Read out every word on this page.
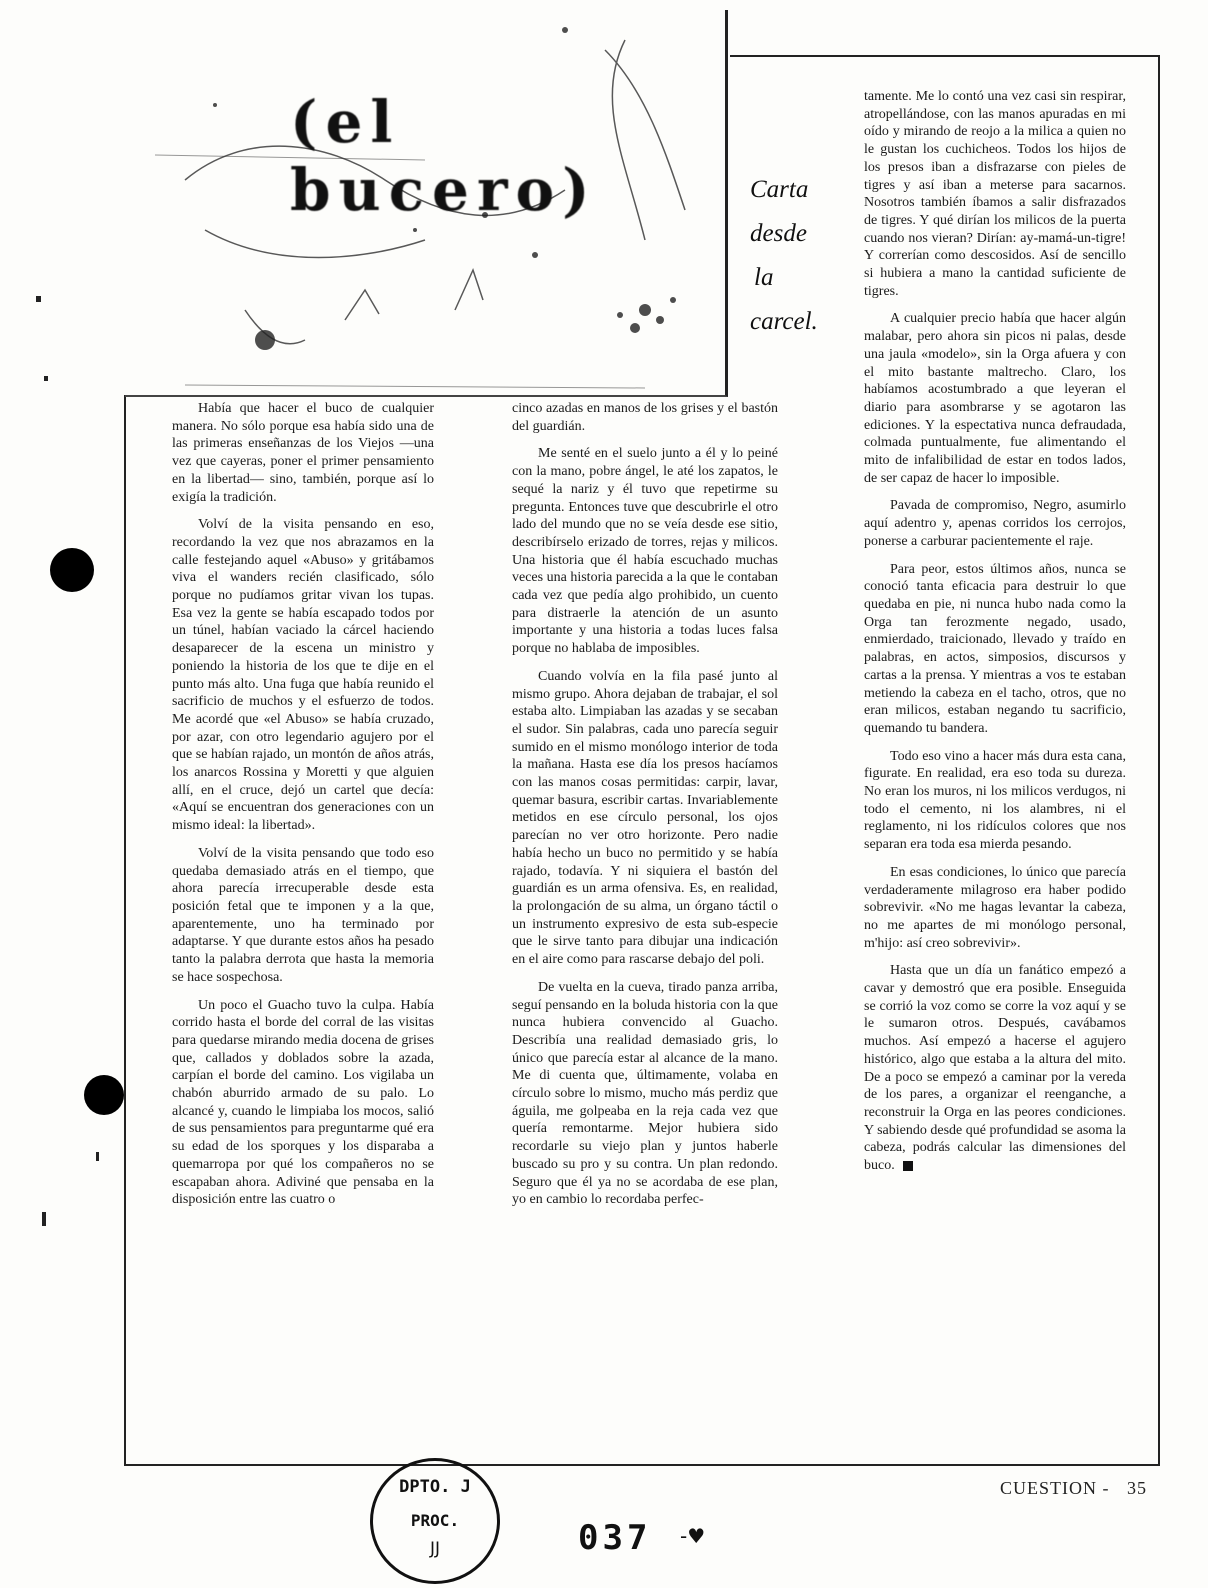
(el bucero)	Carta
desde
la
carcel.

Había que hacer el buco de cualquier manera. No sólo porque esa había sido una de las primeras enseñanzas de los Viejos —una vez que cayeras, poner el primer pensamiento en la libertad— sino, también, porque así lo exigía la tradición.

Volví de la visita pensando en eso, recordando la vez que nos abrazamos en la calle festejando aquel «Abuso» y gritábamos viva el wanders recién clasificado, sólo porque no pudíamos gritar vivan los tupas. Esa vez la gente se había escapado todos por un túnel, habían vaciado la cárcel haciendo desaparecer de la escena un ministro y poniendo la historia de los que te dije en el punto más alto. Una fuga que había reunido el sacrificio de muchos y el esfuerzo de todos. Me acordé que «el Abuso» se había cruzado, por azar, con otro legendario agujero por el que se habían rajado, un montón de años atrás, los anarcos Rossina y Moretti y que alguien allí, en el cruce, dejó un cartel que decía: «Aquí se encuentran dos generaciones con un mismo ideal: la libertad».

Volví de la visita pensando que todo eso quedaba demasiado atrás en el tiempo, que ahora parecía irrecuperable desde esta posición fetal que te imponen y a la que, aparentemente, uno ha terminado por adaptarse. Y que durante estos años ha pesado tanto la palabra derrota que hasta la memoria se hace sospechosa.

Un poco el Guacho tuvo la culpa. Había corrido hasta el borde del corral de las visitas para quedarse mirando media docena de grises que, callados y doblados sobre la azada, carpían el borde del camino. Los vigilaba un chabón aburrido armado de su palo. Lo alcancé y, cuando le limpiaba los mocos, salió de sus pensamientos para preguntarme qué era su edad de los sporques y los disparaba a quemarropa por qué los compañeros no se escapaban ahora. Adiviné que pensaba en la disposición entre las cuatro o

cinco azadas en manos de los grises y el bastón del guardián.

Me senté en el suelo junto a él y lo peiné con la mano, pobre ángel, le até los zapatos, le sequé la nariz y él tuvo que repetirme su pregunta. Entonces tuve que descubrirle el otro lado del mundo que no se veía desde ese sitio, describírselo erizado de torres, rejas y milicos. Una historia que él había escuchado muchas veces una historia parecida a la que le contaban cada vez que pedía algo prohibido, un cuento para distraerle la atención de un asunto importante y una historia a todas luces falsa porque no hablaba de imposibles.

Cuando volvía en la fila pasé junto al mismo grupo. Ahora dejaban de trabajar, el sol estaba alto. Limpiaban las azadas y se secaban el sudor. Sin palabras, cada uno parecía seguir sumido en el mismo monólogo interior de toda la mañana. Hasta ese día los presos hacíamos con las manos cosas permitidas: carpir, lavar, quemar basura, escribir cartas. Invariablemente metidos en ese círculo personal, los ojos parecían no ver otro horizonte. Pero nadie había hecho un buco no permitido y se había rajado, todavía. Y ni siquiera el bastón del guardián es un arma ofensiva. Es, en realidad, la prolongación de su alma, un órgano táctil o un instrumento expresivo de esta sub-especie que le sirve tanto para dibujar una indicación en el aire como para rascarse debajo del poli.

De vuelta en la cueva, tirado panza arriba, seguí pensando en la boluda historia con la que nunca hubiera convencido al Guacho. Describía una realidad demasiado gris, lo único que parecía estar al alcance de la mano. Me di cuenta que, últimamente, volaba en círculo sobre lo mismo, mucho más perdiz que águila, me golpeaba en la reja cada vez que quería remontarme. Mejor hubiera sido recordarle su viejo plan y juntos haberle buscado su pro y su contra. Un plan redondo. Seguro que él ya no se acordaba de ese plan, yo en cambio lo recordaba perfec-

tamente. Me lo contó una vez casi sin respirar, atropellándose, con las manos apuradas en mi oído y mirando de reojo a la milica a quien no le gustan los cuchicheos. Todos los hijos de los presos iban a disfrazarse con pieles de tigres y así iban a meterse para sacarnos. Nosotros también íbamos a salir disfrazados de tigres. Y qué dirían los milicos de la puerta cuando nos vieran? Dirían: ay-mamá-un-tigre! Y correrían como descosidos. Así de sencillo si hubiera a mano la cantidad suficiente de tigres.

A cualquier precio había que hacer algún malabar, pero ahora sin picos ni palas, desde una jaula «modelo», sin la Orga afuera y con el mito bastante maltrecho. Claro, los habíamos acostumbrado a que leyeran el diario para asombrarse y se agotaron las ediciones. Y la espectativa nunca defraudada, colmada puntualmente, fue alimentando el mito de infalibilidad de estar en todos lados, de ser capaz de hacer lo imposible.

Pavada de compromiso, Negro, asumirlo aquí adentro y, apenas corridos los cerrojos, ponerse a carburar pacientemente el raje.

Para peor, estos últimos años, nunca se conoció tanta eficacia para destruir lo que quedaba en pie, ni nunca hubo nada como la Orga tan ferozmente negado, usado, enmierdado, traicionado, llevado y traído en palabras, en actos, simposios, discursos y cartas a la prensa. Y mientras a vos te estaban metiendo la cabeza en el tacho, otros, que no eran milicos, estaban negando tu sacrificio, quemando tu bandera.

Todo eso vino a hacer más dura esta cana, figurate. En realidad, era eso toda su dureza. No eran los muros, ni los milicos verdugos, ni todo el cemento, ni los alambres, ni el reglamento, ni los ridículos colores que nos separan era toda esa mierda pesando.

En esas condiciones, lo único que parecía verdaderamente milagroso era haber podido sobrevivir. «No me hagas levantar la cabeza, no me apartes de mi monólogo personal, m'hijo: así creo sobrevivir».

Hasta que un día un fanático empezó a cavar y demostró que era posible. Enseguida se corrió la voz como se corre la voz aquí y se le sumaron otros. Después, cavábamos muchos. Así empezó a hacerse el agujero histórico, algo que estaba a la altura del mito. De a poco se empezó a caminar por la vereda de los pares, a organizar el reenganche, a reconstruir la Orga en las peores condiciones. Y sabiendo desde qué profundidad se asoma la cabeza, podrás calcular las dimensiones del buco.

CUESTION - 35
DPTO. J
PROC.
JJ	037 -♥
